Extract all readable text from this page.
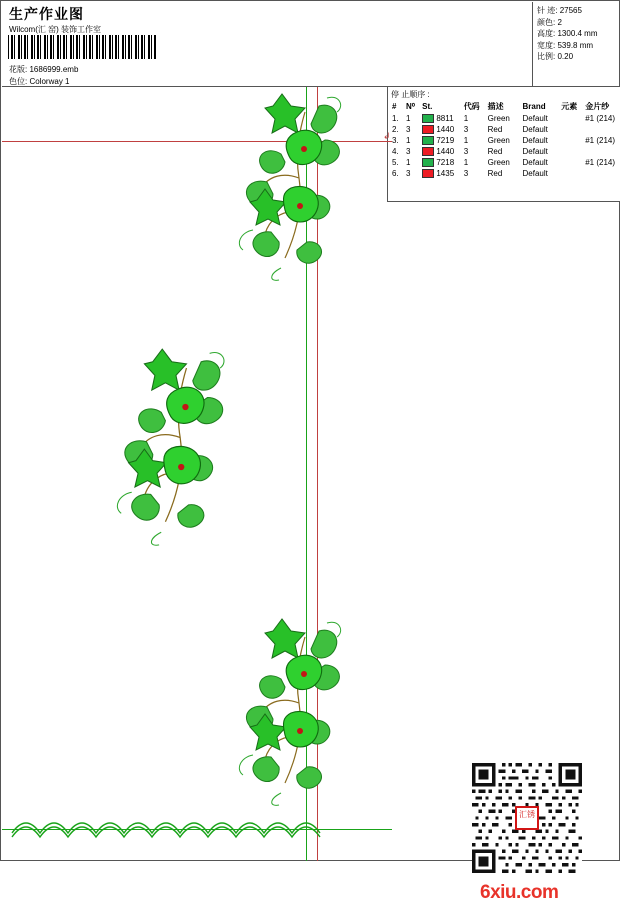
生产作业图
Wilcom(汇 窑) 装饰工作室
花版: 1686999.emb
色位: Colorway 1
针 迹: 27565
颜色: 2
高度: 1300.4 mm
宽度: 539.8 mm
比例: 0.20
停 止顺序 :
#	N⁰	St.	代码	描述	Brand	元素	金片纱
1.	1	8811	1	Green	Default		#1 (214)
2.	3	1440	3	Red	Default		
3.	1	7219	1	Green	Default		#1 (214)
4.	3	1440	3	Red	Default		
5.	1	7218	1	Green	Default		#1 (214)
6.	3	1435	3	Red	Default		
↲
汇锈
6xiu.com
